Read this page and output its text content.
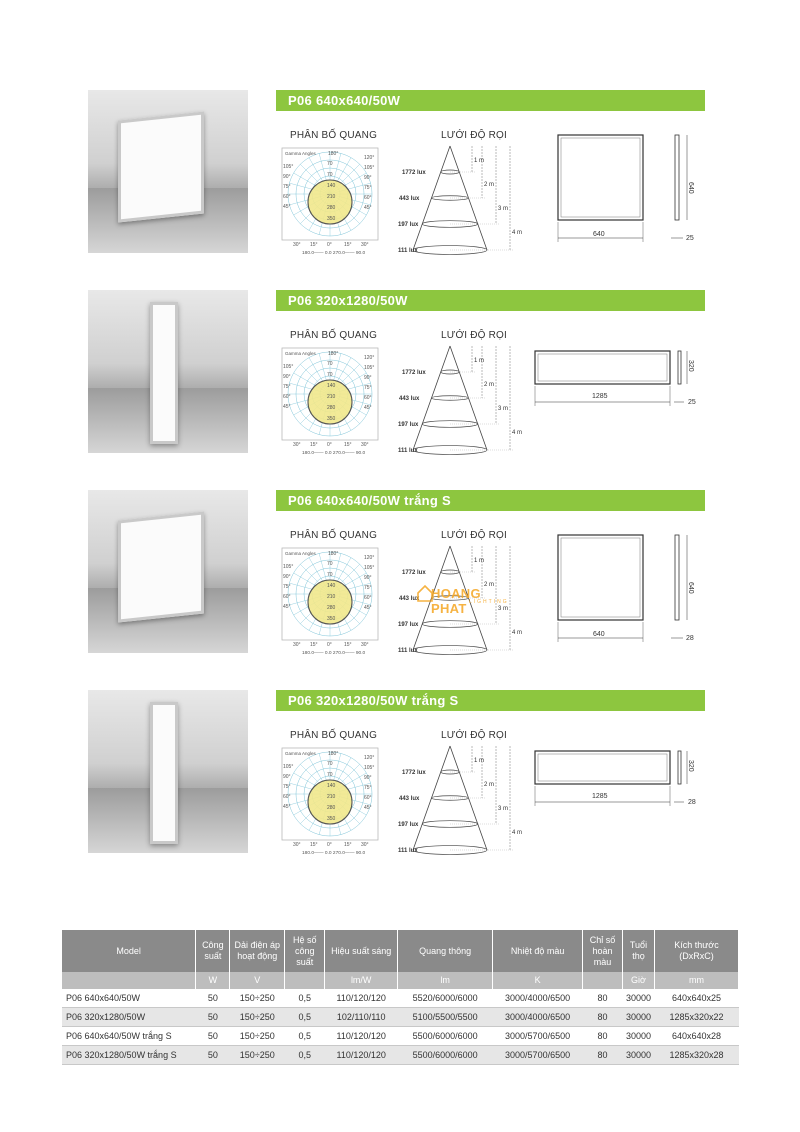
P06 640x640/50W
PHÂN BỐ QUANG	LƯỚI ĐỘ RỌI
Gamma Angles 180°
105°
90°
75°
60°
45°
120°
105°
90°
75°
60°
45°
70
70
140
210
280
350
30° 15° 0° 15° 30°
180.0—— 0.0 270.0—— 90.0
1772 lux
443 lux
197 lux
111 lux
1 m
2 m
3 m
4 m	640
640
25
P06 320x1280/50W
PHÂN BỐ QUANG	LƯỚI ĐỘ RỌI
Gamma Angles 180°
105°
90°
75°
60°
45°
120°
105°
90°
75°
60°
45°
70
70
140
210
280
350
30° 15° 0° 15° 30°
180.0—— 0.0 270.0—— 90.0
1772 lux
443 lux
197 lux
111 lux
1 m
2 m
3 m
4 m
1285
320
25
P06 640x640/50W trắng S
PHÂN BỐ QUANG	LƯỚI ĐỘ RỌI
Gamma Angles 180°
105°
90°
75°
60°
45°
120°
105°
90°
75°
60°
45°
70
70
140
210
280
350
30° 15° 0° 15° 30°
180.0—— 0.0 270.0—— 90.0
1772 lux
443 lux
197 lux
111 lux
1 m
2 m
3 m
4 m	640
640
28
P06 320x1280/50W trắng S
PHÂN BỐ QUANG	LƯỚI ĐỘ RỌI
Gamma Angles 180°
105°
90°
75°
60°
45°
120°
105°
90°
75°
60°
45°
70
70
140
210
280
350
30° 15° 0° 15° 30°
180.0—— 0.0 270.0—— 90.0
1772 lux
443 lux
197 lux
111 lux
1 m
2 m
3 m
4 m
1285
320
28
HOANG PHAT LIGHTING
Model	Công suất	Dải điện áp hoạt động	Hệ số công suất	Hiệu suất sáng	Quang thông	Nhiệt độ màu	Chỉ số hoàn màu	Tuổi thọ	Kích thước (DxRxC)
	W	V		lm/W	lm	K		Giờ	mm
P06 640x640/50W	50	150÷250	0,5	110/120/120	5520/6000/6000	3000/4000/6500	80	30000	640x640x25
P06 320x1280/50W	50	150÷250	0,5	102/110/110	5100/5500/5500	3000/4000/6500	80	30000	1285x320x22
P06 640x640/50W trắng S	50	150÷250	0,5	110/120/120	5500/6000/6000	3000/5700/6500	80	30000	640x640x28
P06 320x1280/50W trắng S	50	150÷250	0,5	110/120/120	5500/6000/6000	3000/5700/6500	80	30000	1285x320x28
